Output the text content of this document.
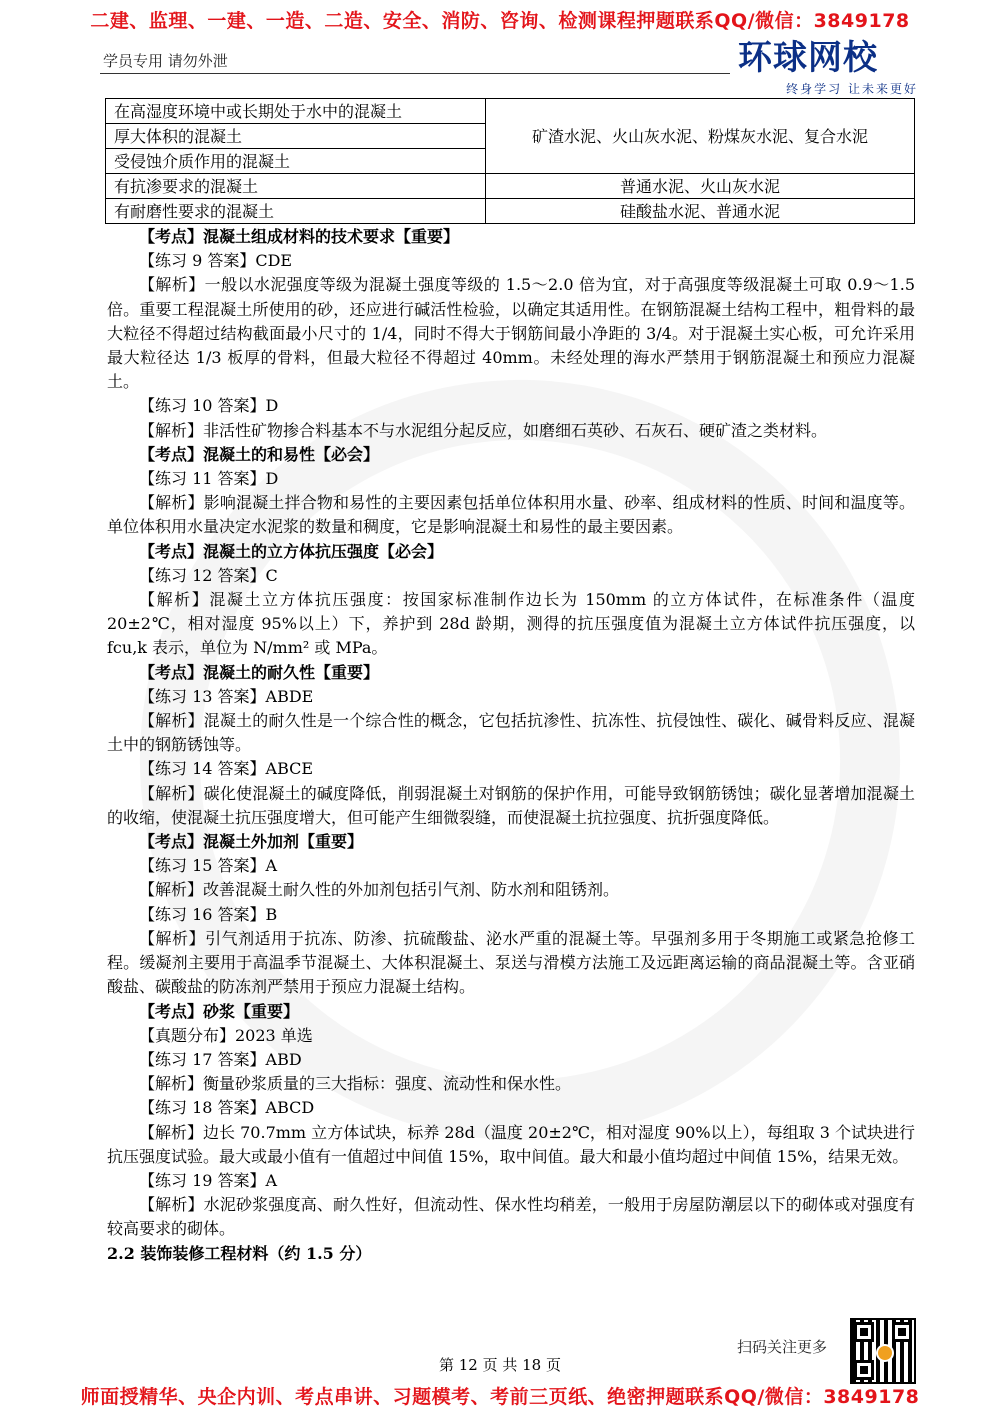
二建、监理、一建、一造、二造、安全、消防、咨询、检测课程押题联系QQ/微信：3849178
学员专用 请勿外泄	环球网校
终身学习 让未来更好
在高湿度环境中或长期处于水中的混凝土	矿渣水泥、火山灰水泥、粉煤灰水泥、复合水泥
厚大体积的混凝土	
受侵蚀介质作用的混凝土	
有抗渗要求的混凝土	普通水泥、火山灰水泥
有耐磨性要求的混凝土	硅酸盐水泥、普通水泥

【考点】混凝土组成材料的技术要求【重要】

【练习 9 答案】CDE

【解析】一般以水泥强度等级为混凝土强度等级的 1.5～2.0 倍为宜，对于高强度等级混凝土可取 0.9～1.5 倍。重要工程混凝土所使用的砂，还应进行碱活性检验，以确定其适用性。在钢筋混凝土结构工程中，粗骨料的最大粒径不得超过结构截面最小尺寸的 1/4，同时不得大于钢筋间最小净距的 3/4。对于混凝土实心板，可允许采用最大粒径达 1/3 板厚的骨料，但最大粒径不得超过 40mm。未经处理的海水严禁用于钢筋混凝土和预应力混凝土。

【练习 10 答案】D

【解析】非活性矿物掺合料基本不与水泥组分起反应，如磨细石英砂、石灰石、硬矿渣之类材料。

【考点】混凝土的和易性【必会】

【练习 11 答案】D

【解析】影响混凝土拌合物和易性的主要因素包括单位体积用水量、砂率、组成材料的性质、时间和温度等。单位体积用水量决定水泥浆的数量和稠度，它是影响混凝土和易性的最主要因素。

【考点】混凝土的立方体抗压强度【必会】

【练习 12 答案】C

【解析】混凝土立方体抗压强度：按国家标准制作边长为 150mm 的立方体试件，在标准条件（温度 20±2℃，相对湿度 95%以上）下，养护到 28d 龄期，测得的抗压强度值为混凝土立方体试件抗压强度，以 fcu,k 表示，单位为 N/mm² 或 MPa。

【考点】混凝土的耐久性【重要】

【练习 13 答案】ABDE

【解析】混凝土的耐久性是一个综合性的概念，它包括抗渗性、抗冻性、抗侵蚀性、碳化、碱骨料反应、混凝土中的钢筋锈蚀等。

【练习 14 答案】ABCE

【解析】碳化使混凝土的碱度降低，削弱混凝土对钢筋的保护作用，可能导致钢筋锈蚀；碳化显著增加混凝土的收缩，使混凝土抗压强度增大，但可能产生细微裂缝，而使混凝土抗拉强度、抗折强度降低。

【考点】混凝土外加剂【重要】

【练习 15 答案】A

【解析】改善混凝土耐久性的外加剂包括引气剂、防水剂和阻锈剂。

【练习 16 答案】B

【解析】引气剂适用于抗冻、防渗、抗硫酸盐、泌水严重的混凝土等。早强剂多用于冬期施工或紧急抢修工程。缓凝剂主要用于高温季节混凝土、大体积混凝土、泵送与滑模方法施工及远距离运输的商品混凝土等。含亚硝酸盐、碳酸盐的防冻剂严禁用于预应力混凝土结构。

【考点】砂浆【重要】

【真题分布】2023 单选

【练习 17 答案】ABD

【解析】衡量砂浆质量的三大指标：强度、流动性和保水性。

【练习 18 答案】ABCD

【解析】边长 70.7mm 立方体试块，标养 28d（温度 20±2℃，相对湿度 90%以上），每组取 3 个试块进行抗压强度试验。最大或最小值有一值超过中间值 15%，取中间值。最大和最小值均超过中间值 15%，结果无效。

【练习 19 答案】A

【解析】水泥砂浆强度高、耐久性好，但流动性、保水性均稍差，一般用于房屋防潮层以下的砌体或对强度有较高要求的砌体。

2.2 装饰装修工程材料（约 1.5 分）

扫码关注更多
第 12 页 共 18 页
师面授精华、央企内训、考点串讲、习题模考、考前三页纸、绝密押题联系QQ/微信：3849178
